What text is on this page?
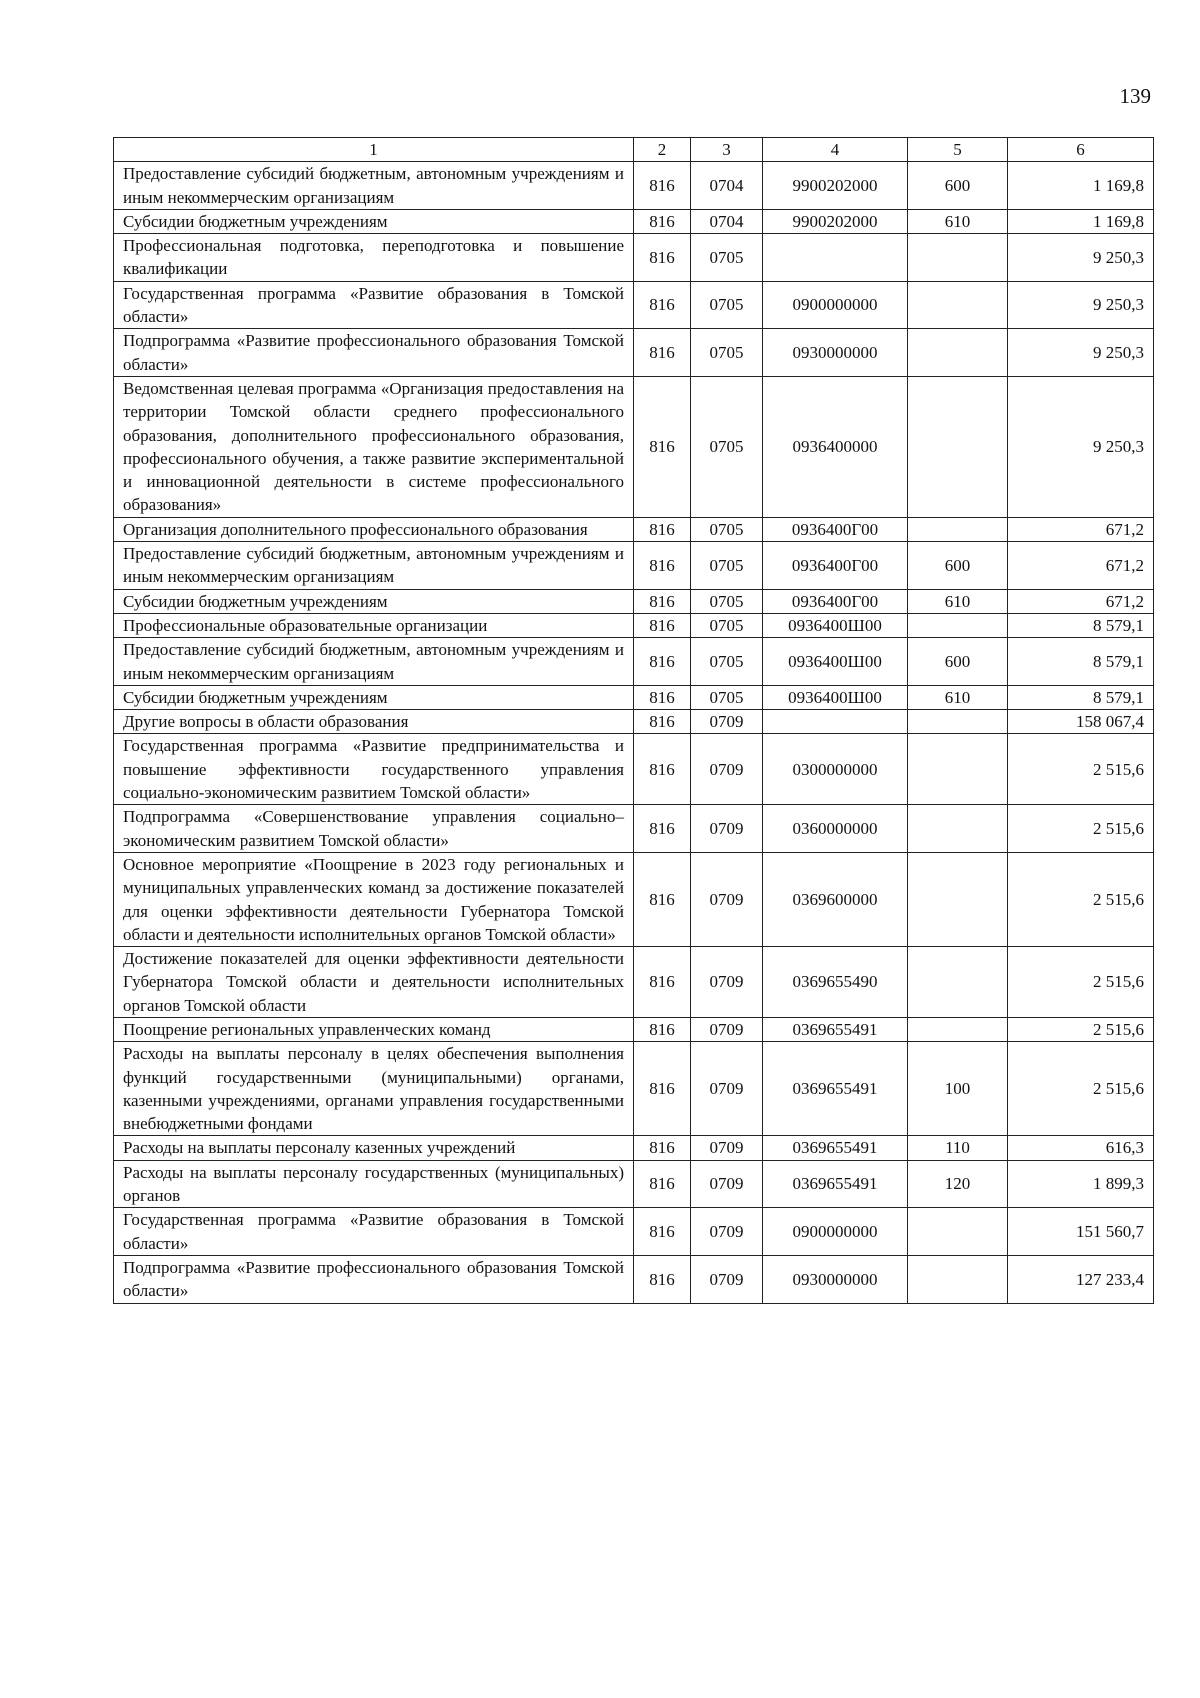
139
1	2	3	4	5	6
Предоставление субсидий бюджетным, автономным учреждениям и иным некоммерческим организациям	816	0704	9900202000	600	1 169,8
Субсидии бюджетным учреждениям	816	0704	9900202000	610	1 169,8
Профессиональная подготовка, переподготовка и повышение квалификации	816	0705			9 250,3
Государственная программа «Развитие образования в Томской области»	816	0705	0900000000		9 250,3
Подпрограмма «Развитие профессионального образования Томской области»	816	0705	0930000000		9 250,3
Ведомственная целевая программа «Организация предоставления на территории Томской области среднего профессионального образования, дополнительного профессионального образования, профессионального обучения, а также развитие экспериментальной и инновационной деятельности в системе профессионального образования»	816	0705	0936400000		9 250,3
Организация дополнительного профессионального образования	816	0705	0936400Г00		671,2
Предоставление субсидий бюджетным, автономным учреждениям и иным некоммерческим организациям	816	0705	0936400Г00	600	671,2
Субсидии бюджетным учреждениям	816	0705	0936400Г00	610	671,2
Профессиональные образовательные организации	816	0705	0936400Ш00		8 579,1
Предоставление субсидий бюджетным, автономным учреждениям и иным некоммерческим организациям	816	0705	0936400Ш00	600	8 579,1
Субсидии бюджетным учреждениям	816	0705	0936400Ш00	610	8 579,1
Другие вопросы в области образования	816	0709			158 067,4
Государственная программа «Развитие предпринимательства и повышение эффективности государственного управления социально-экономическим развитием Томской области»	816	0709	0300000000		2 515,6
Подпрограмма «Совершенствование управления социально–экономическим развитием Томской области»	816	0709	0360000000		2 515,6
Основное мероприятие «Поощрение в 2023 году региональных и муниципальных управленческих команд за достижение показателей для оценки эффективности деятельности Губернатора Томской области и деятельности исполнительных органов Томской области»	816	0709	0369600000		2 515,6
Достижение показателей для оценки эффективности деятельности Губернатора Томской области и деятельности исполнительных органов Томской области	816	0709	0369655490		2 515,6
Поощрение региональных управленческих команд	816	0709	0369655491		2 515,6
Расходы на выплаты персоналу в целях обеспечения выполнения функций государственными (муниципальными) органами, казенными учреждениями, органами управления государственными внебюджетными фондами	816	0709	0369655491	100	2 515,6
Расходы на выплаты персоналу казенных учреждений	816	0709	0369655491	110	616,3
Расходы на выплаты персоналу государственных (муниципальных) органов	816	0709	0369655491	120	1 899,3
Государственная программа «Развитие образования в Томской области»	816	0709	0900000000		151 560,7
Подпрограмма «Развитие профессионального образования Томской области»	816	0709	0930000000		127 233,4
